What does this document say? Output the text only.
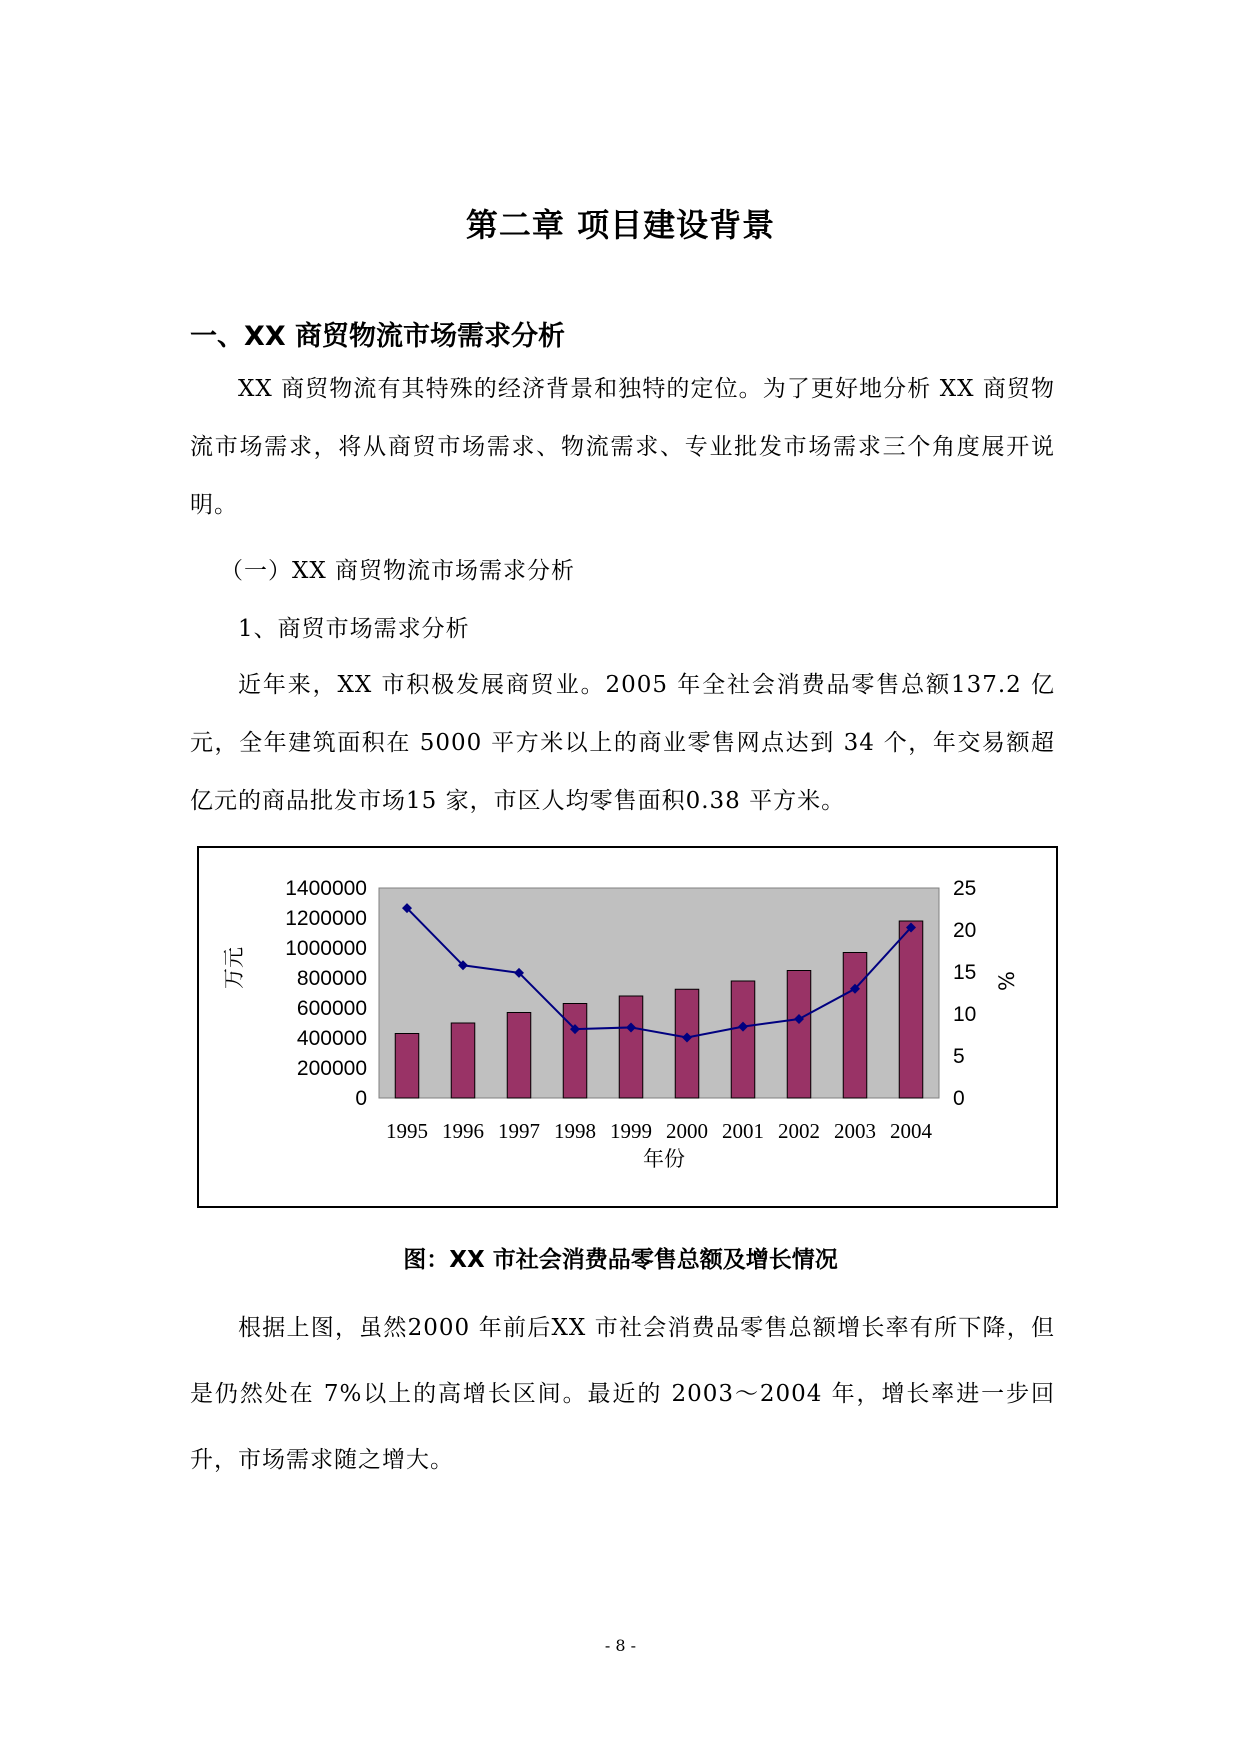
第二章 项目建设背景
一、XX 商贸物流市场需求分析

XX 商贸物流有其特殊的经济背景和独特的定位。为了更好地分析 XX 商贸物流市场需求，将从商贸市场需求、物流需求、专业批发市场需求三个角度展开说明。

（一）XX 商贸物流市场需求分析
1、商贸市场需求分析

近年来，XX 市积极发展商贸业。2005 年全社会消费品零售总额137.2 亿元，全年建筑面积在 5000 平方米以上的商业零售网点达到 34 个，年交易额超亿元的商品批发市场15 家，市区人均零售面积0.38 平方米。

0
200000
400000
600000
800000
1000000
1200000
1400000
0
5
10
15
20
25
1995 1996 1997 1998 1999 2000 2001 2002 2003 2004
万元	%
年份
图：XX 市社会消费品零售总额及增长情况

根据上图，虽然2000 年前后XX 市社会消费品零售总额增长率有所下降，但是仍然处在 7%以上的高增长区间。最近的 2003～2004 年，增长率进一步回升，市场需求随之增大。

- 8 -
